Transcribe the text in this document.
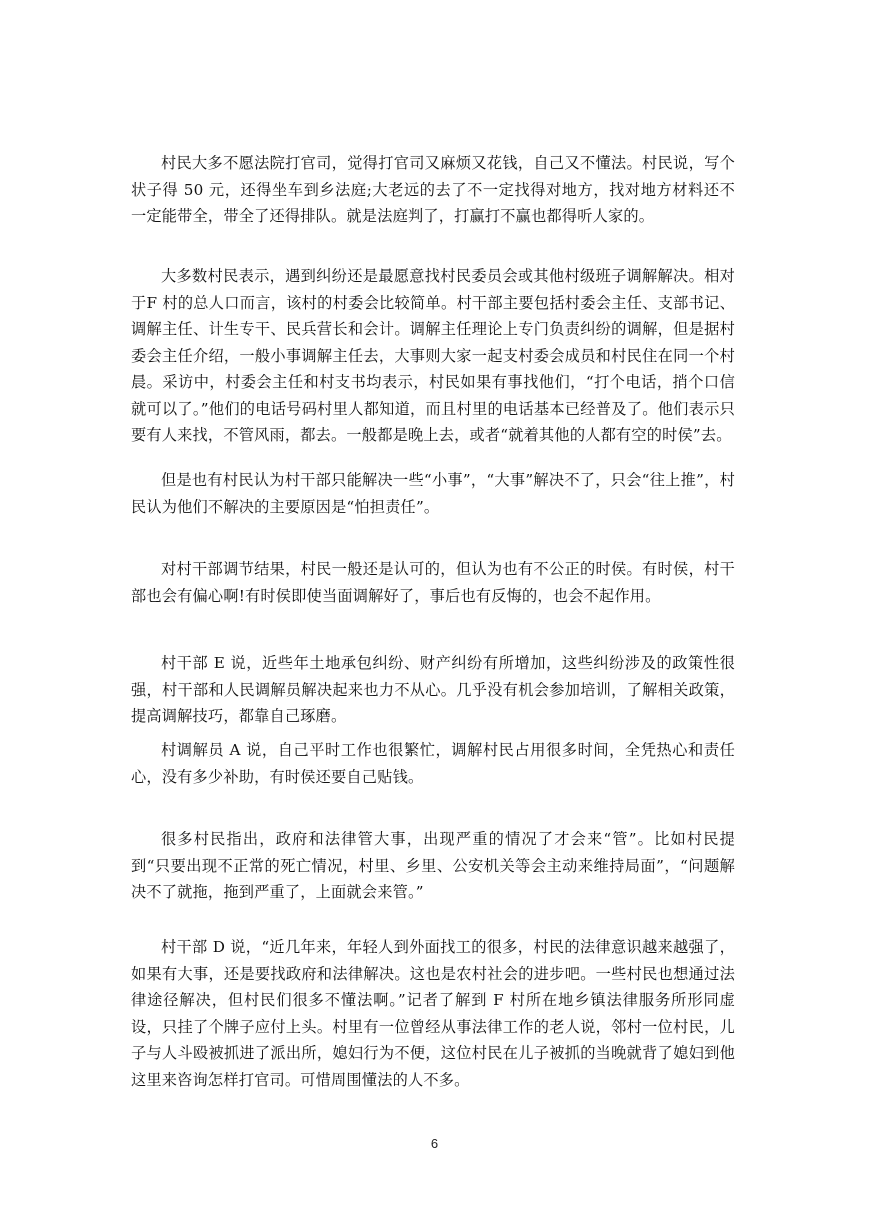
村民大多不愿法院打官司，觉得打官司又麻烦又花钱，自己又不懂法。村民说，写个状子得 50 元，还得坐车到乡法庭;大老远的去了不一定找得对地方，找对地方材料还不一定能带全，带全了还得排队。就是法庭判了，打赢打不赢也都得听人家的。

大多数村民表示，遇到纠纷还是最愿意找村民委员会或其他村级班子调解解决。相对于F 村的总人口而言，该村的村委会比较简单。村干部主要包括村委会主任、支部书记、调解主任、计生专干、民兵营长和会计。调解主任理论上专门负责纠纷的调解，但是据村委会主任介绍，一般小事调解主任去，大事则大家一起支村委会成员和村民住在同一个村晨。采访中，村委会主任和村支书均表示，村民如果有事找他们，“打个电话，捎个口信就可以了。”他们的电话号码村里人都知道，而且村里的电话基本已经普及了。他们表示只要有人来找，不管风雨，都去。一般都是晚上去，或者“就着其他的人都有空的时侯”去。

但是也有村民认为村干部只能解决一些“小事”，“大事”解决不了，只会“往上推”，村民认为他们不解决的主要原因是“怕担责任”。

对村干部调节结果，村民一般还是认可的，但认为也有不公正的时侯。有时侯，村干部也会有偏心啊!有时侯即使当面调解好了，事后也有反悔的，也会不起作用。

村干部 E 说，近些年土地承包纠纷、财产纠纷有所增加，这些纠纷涉及的政策性很强，村干部和人民调解员解决起来也力不从心。几乎没有机会参加培训，了解相关政策，提高调解技巧，都靠自己琢磨。

村调解员 A 说，自己平时工作也很繁忙，调解村民占用很多时间，全凭热心和责任心，没有多少补助，有时侯还要自己贴钱。

很多村民指出，政府和法律管大事，出现严重的情况了才会来“管”。比如村民提到“只要出现不正常的死亡情况，村里、乡里、公安机关等会主动来维持局面”，“问题解决不了就拖，拖到严重了，上面就会来管。”

村干部 D 说，“近几年来，年轻人到外面找工的很多，村民的法律意识越来越强了，如果有大事，还是要找政府和法律解决。这也是农村社会的进步吧。一些村民也想通过法律途径解决，但村民们很多不懂法啊。”记者了解到 F 村所在地乡镇法律服务所形同虚设，只挂了个牌子应付上头。村里有一位曾经从事法律工作的老人说，邻村一位村民，儿子与人斗殴被抓进了派出所，媳妇行为不便，这位村民在儿子被抓的当晚就背了媳妇到他这里来咨询怎样打官司。可惜周围懂法的人不多。

6
